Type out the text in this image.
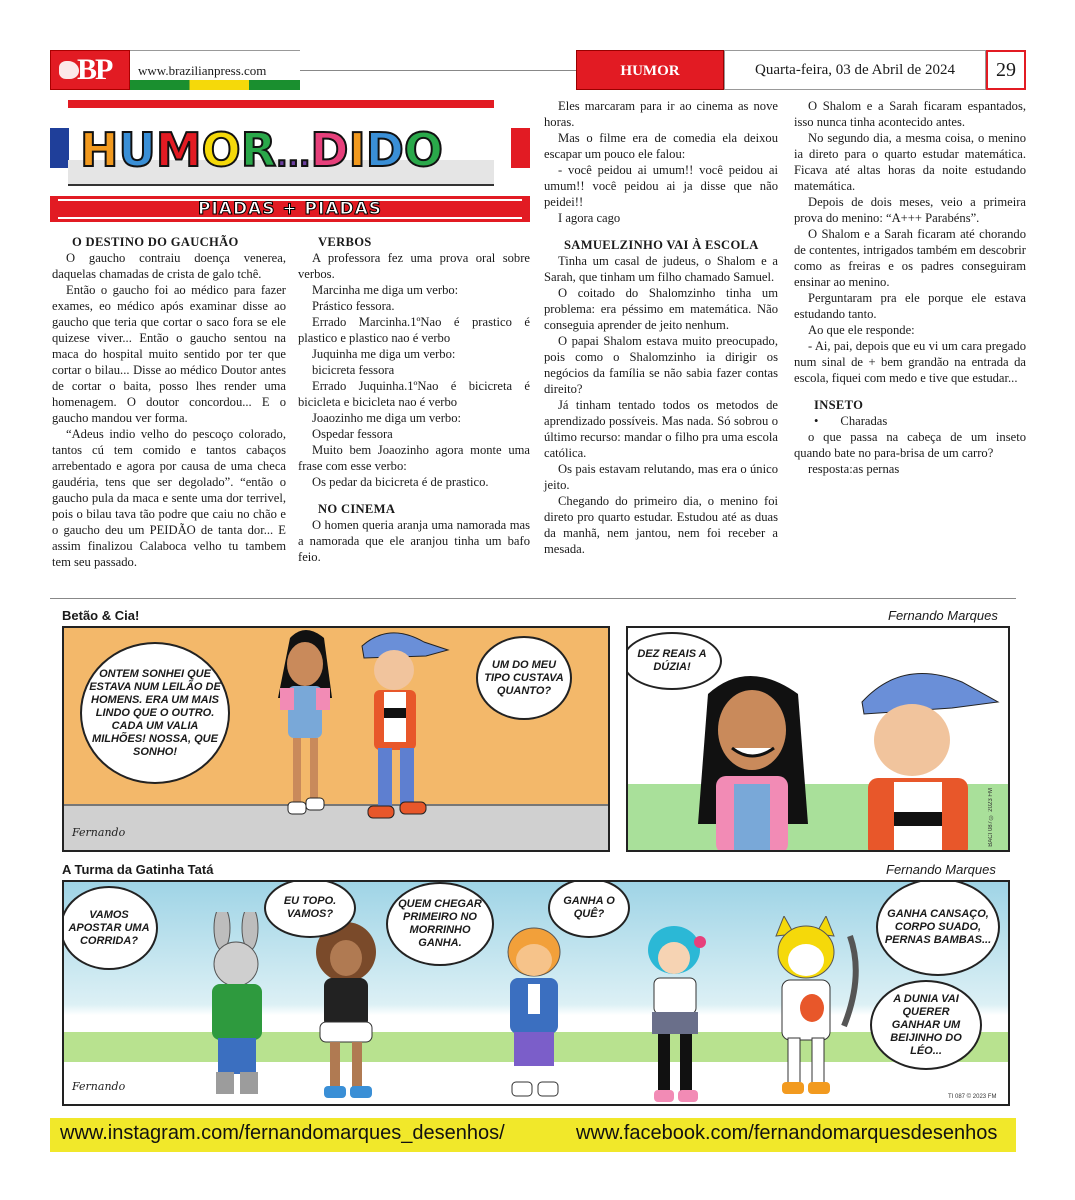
BP www.brazilianpress.com	HUMOR	Quarta-feira, 03 de Abril de 2024	29
HUMOR...DIDO
PIADAS + PIADAS
O DESTINO DO GAUCHÃO

O gaucho contraiu doença venerea, daquelas chamadas de crista de galo tchê.

Então o gaucho foi ao médico para fazer exames, eo médico após examinar disse ao gaucho que teria que cortar o saco fora se ele quizese viver... Então o gaucho sentou na maca do hospital muito sentido por ter que cortar o bilau... Disse ao médico Doutor antes de cortar o baita, posso lhes render uma homenagem. O doutor concordou... E o gaucho mandou ver forma.

“Adeus indio velho do pescoço colorado, tantos cú tem comido e tantos cabaços arrebentado e agora por causa de uma checa gaudéria, tens que ser degolado”. “então o gaucho pula da maca e sente uma dor terrivel, pois o bilau tava tão podre que caiu no chão e o gaucho deu um PEIDÃO de tanta dor... E assim finalizou Calaboca velho tu tambem tem seu passado.

VERBOS

A professora fez uma prova oral sobre verbos.

Marcinha me diga um verbo:

Prástico fessora.

Errado Marcinha.1ºNao é prastico é plastico e plastico nao é verbo

Juquinha me diga um verbo:

bicicreta fessora

Errado Juquinha.1ºNao é bicicreta é bicicleta e bicicleta nao é verbo

Joaozinho me diga um verbo:

Ospedar fessora

Muito bem Joaozinho agora monte uma frase com esse verbo:

Os pedar da bicicreta é de prastico.

NO CINEMA

O homen queria aranja uma namorada mas a namorada que ele aranjou tinha um bafo feio.

Eles marcaram para ir ao cinema as nove horas.

Mas o filme era de comedia ela deixou escapar um pouco ele falou:

- você peidou ai umum!! você peidou ai umum!! você peidou ai ja disse que não peidei!!

I agora cago

SAMUELZINHO VAI À ESCOLA

Tinha um casal de judeus, o Shalom e a Sarah, que tinham um filho chamado Samuel.

O coitado do Shalomzinho tinha um problema: era péssimo em matemática. Não conseguia aprender de jeito nenhum.

O papai Shalom estava muito preocupado, pois como o Shalomzinho ia dirigir os negócios da família se não sabia fazer contas direito?

Já tinham tentado todos os metodos de aprendizado possíveis. Mas nada. Só sobrou o último recurso: mandar o filho pra uma escola católica.

Os pais estavam relutando, mas era o único jeito.

Chegando do primeiro dia, o menino foi direto pro quarto estudar. Estudou até as duas da manhã, nem jantou, nem foi receber a mesada.

O Shalom e a Sarah ficaram espantados, isso nunca tinha acontecido antes.

No segundo dia, a mesma coisa, o menino ia direto para o quarto estudar matemática. Ficava até altas horas da noite estudando matemática.

Depois de dois meses, veio a primeira prova do menino: “A+++ Parabéns”.

O Shalom e a Sarah ficaram até chorando de contentes, intrigados também em descobrir como as freiras e os padres conseguiram ensinar ao menino.

Perguntaram pra ele porque ele estava estudando tanto.

Ao que ele responde:

- Ai, pai, depois que eu vi um cara pregado num sinal de + bem grandão na entrada da escola, fiquei com medo e tive que estudar...

INSETO

• Charadas

o que passa na cabeça de um inseto quando bate no para-brisa de um carro?

resposta:as pernas

Betão & Cia!	Fernando Marques
ONTEM SONHEI QUE ESTAVA NUM LEILÃO DE HOMENS. ERA UM MAIS LINDO QUE O OUTRO. CADA UM VALIA MILHÕES! NOSSA, QUE SONHO!
UM DO MEU TIPO CUSTAVA QUANTO?
Fernando
DEZ REAIS A DÚZIA!
BACI 087 © 2023 FM
A Turma da Gatinha Tatá	Fernando Marques
VAMOS APOSTAR UMA CORRIDA?
EU TOPO. VAMOS?
QUEM CHEGAR PRIMEIRO NO MORRINHO GANHA.
GANHA O QUÊ?	GANHA CANSAÇO, CORPO SUADO, PERNAS BAMBAS...
A DUNIA VAI QUERER GANHAR UM BEIJINHO DO LÉO...
Fernando
TI 087 © 2023 FM
www.instagram.com/fernandomarques_desenhos/	www.facebook.com/fernandomarquesdesenhos
